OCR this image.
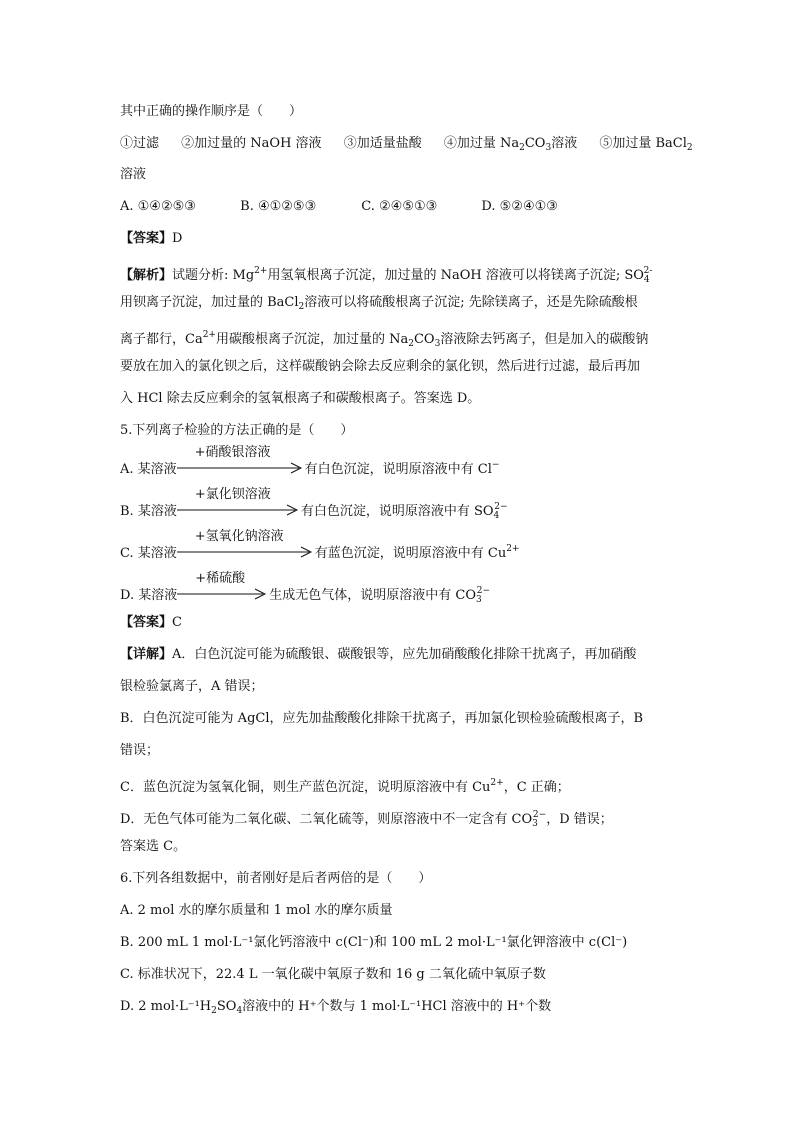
其中正确的操作顺序是（　　）
①过滤 ②加过量的 NaOH 溶液 ③加适量盐酸 ④加过量 $Na_2CO_3$溶液 ⑤加过量 BaCl$_2$
溶液
A. ①④②⑤③	B. ④①②⑤③	C. ②④⑤①③	D. ⑤②④①③
【答案】D
【解析】试题分析: $Mg^{2+}$用氢氧根离子沉淀，加过量的 NaOH 溶液可以将镁离子沉淀; $SO_4^{2-}$
用钡离子沉淀，加过量的 BaCl$_2$溶液可以将硫酸根离子沉淀; 先除镁离子，还是先除硫酸根
离子都行，$Ca^{2+}$用碳酸根离子沉淀，加过量的 $Na_2CO_3$溶液除去钙离子，但是加入的碳酸钠
要放在加入的氯化钡之后，这样碳酸钠会除去反应剩余的氯化钡，然后进行过滤，最后再加
入 HCl 除去反应剩余的氢氧根离子和碳酸根离子。答案选 D。
5.下列离子检验的方法正确的是（　　）
A. 某溶液
+硝酸银溶液
有白色沉淀，说明原溶液中有 Cl−
B. 某溶液
+氯化钡溶液
有白色沉淀，说明原溶液中有 $SO_4^{2-}$
C. 某溶液
+氢氧化钠溶液
有蓝色沉淀，说明原溶液中有 $Cu^{2+}$
D. 某溶液
+稀硫酸
生成无色气体，说明原溶液中有 $CO_3^{2-}$
【答案】C
【详解】A．白色沉淀可能为硫酸银、碳酸银等，应先加硝酸酸化排除干扰离子，再加硝酸
银检验氯离子，A 错误；
B．白色沉淀可能为 AgCl，应先加盐酸酸化排除干扰离子，再加氯化钡检验硫酸根离子，B
错误；
C．蓝色沉淀为氢氧化铜，则生产蓝色沉淀，说明原溶液中有 $Cu^{2+}$，C 正确；
D．无色气体可能为二氧化碳、二氧化硫等，则原溶液中不一定含有 $CO_3^{2-}$，D 错误；
答案选 C。
6.下列各组数据中，前者刚好是后者两倍的是（　　）
A. 2 mol 水的摩尔质量和 1 mol 水的摩尔质量
B. 200 mL 1 mol·L⁻¹氯化钙溶液中 c(Cl⁻)和 100 mL 2 mol·L⁻¹氯化钾溶液中 c(Cl⁻)
C. 标准状况下，22.4 L 一氧化碳中氧原子数和 16 g 二氧化硫中氧原子数
D. 2 $mol\cdot L^{-1}H_2SO_4$溶液中的 H⁺个数与 1 mol·L⁻¹HCl 溶液中的 H⁺个数
